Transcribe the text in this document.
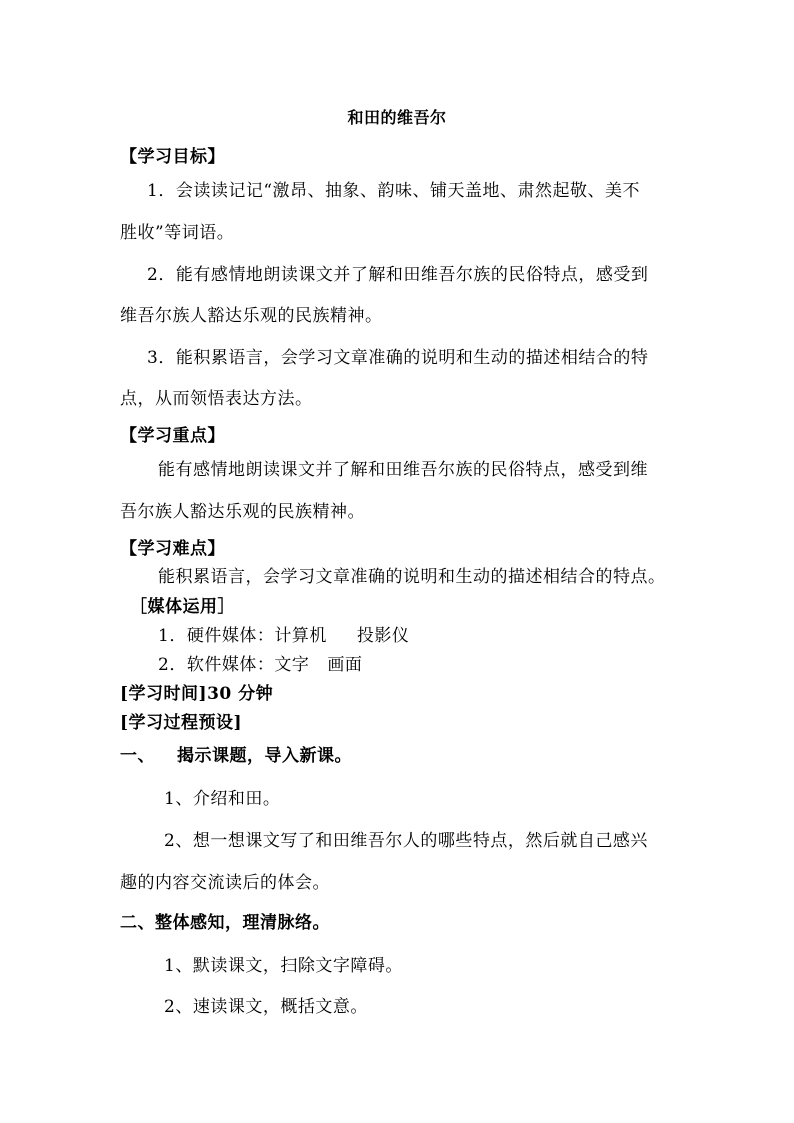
和田的维吾尔
【学习目标】
1．会读读记记“激昂、抽象、韵味、铺天盖地、肃然起敬、美不
胜收”等词语。
2．能有感情地朗读课文并了解和田维吾尔族的民俗特点，感受到
维吾尔族人豁达乐观的民族精神。
3．能积累语言，会学习文章准确的说明和生动的描述相结合的特
点，从而领悟表达方法。
【学习重点】
能有感情地朗读课文并了解和田维吾尔族的民俗特点，感受到维
吾尔族人豁达乐观的民族精神。
【学习难点】
能积累语言，会学习文章准确的说明和生动的描述相结合的特点。
［媒体运用］
1．硬件媒体：计算机 投影仪
2．软件媒体：文字 画面
[学习时间]30 分钟
[学习过程预设]
一、 揭示课题，导入新课。
1、介绍和田。
2、想一想课文写了和田维吾尔人的哪些特点，然后就自己感兴
趣的内容交流读后的体会。
二、整体感知，理清脉络。
1、默读课文，扫除文字障碍。
2、速读课文，概括文意。
